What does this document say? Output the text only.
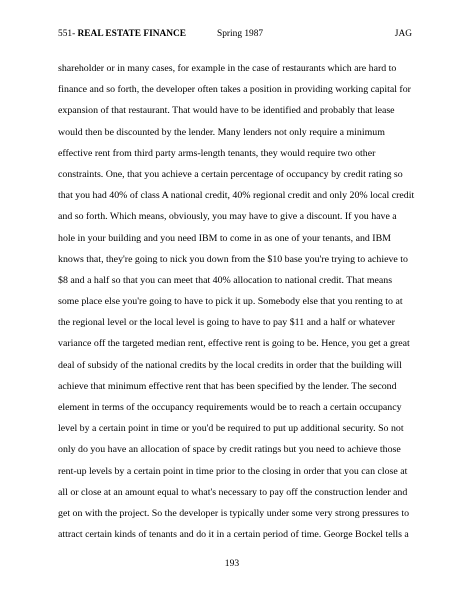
551- REAL ESTATE FINANCE	Spring 1987	JAG
shareholder or in many cases, for example in the case of restaurants which are hard to
finance and so forth, the developer often takes a position in providing working capital for
expansion of that restaurant. That would have to be identified and probably that lease
would then be discounted by the lender. Many lenders not only require a minimum
effective rent from third party arms-length tenants, they would require two other
constraints. One, that you achieve a certain percentage of occupancy by credit rating so
that you had 40% of class A national credit, 40% regional credit and only 20% local credit
and so forth. Which means, obviously, you may have to give a discount. If you have a
hole in your building and you need IBM to come in as one of your tenants, and IBM
knows that, they're going to nick you down from the $10 base you're trying to achieve to
$8 and a half so that you can meet that 40% allocation to national credit. That means
some place else you're going to have to pick it up. Somebody else that you renting to at
the regional level or the local level is going to have to pay $11 and a half or whatever
variance off the targeted median rent, effective rent is going to be. Hence, you get a great
deal of subsidy of the national credits by the local credits in order that the building will
achieve that minimum effective rent that has been specified by the lender. The second
element in terms of the occupancy requirements would be to reach a certain occupancy
level by a certain point in time or you'd be required to put up additional security. So not
only do you have an allocation of space by credit ratings but you need to achieve those
rent-up levels by a certain point in time prior to the closing in order that you can close at
all or close at an amount equal to what's necessary to pay off the construction lender and
get on with the project. So the developer is typically under some very strong pressures to
attract certain kinds of tenants and do it in a certain period of time. George Bockel tells a
193
